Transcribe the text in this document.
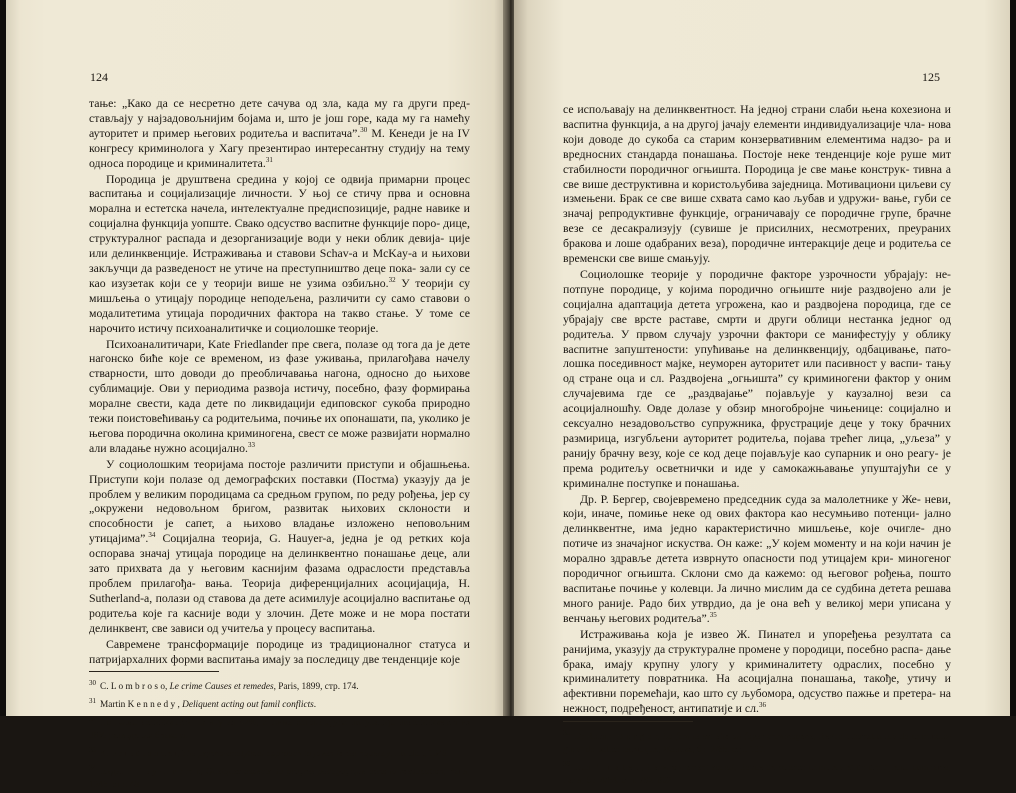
124

тање: „Како да се несретно дете сачува од зла, када му га други пред- стављају у најзадовољнијим бојама и, што је још горе, када му га намећу ауторитет и пример његових родитеља и васпитача”.$^{30}$ М. Кенеди је на IV конгресу криминолога у Хагу презентирао интересантну студију на тему односа породице и криминалитета.$^{31}$

Породица је друштвена средина у којој се одвија примарни процес васпитања и социјализације личности. У њој се стичу прва и основна морална и естетска начела, интелектуалне предиспозиције, радне навике и социјална функција уопште. Свако одсуство васпитне функције поро- дице, структуралног распада и дезорганизације води у неки облик девија- ције или делинквенције. Истраживања и ставови Schav-a и McKay-a и њихови закључци да разведеност не утиче на преступништво деце пока- зали су се као изузетак који се у теорији више не узима озбиљно.$^{32}$ У теорији су мишљења о утицају породице неподељена, различити су само ставови о модалитетима утицаја породичних фактора на такво стање. У томе се нарочито истичу психоаналитичке и социолошке теорије.

Психоаналитичари, Kate Friedlander пре свега, полазе од тога да је дете нагонско биће које се временом, из фазе уживања, прилагођава начелу стварности, што доводи до преобличавања нагона, односно до њихове сублимације. Ови у периодима развоја истичу, посебно, фазу формирања моралне свести, када дете по ликвидацији едиповског сукоба природно тежи поистовећивању са родитељима, почиње их опонашати, па, уколико је његова породична околина криминогена, свест се може развијати нормално али владање нужно асоцијално.$^{33}$

У социолошким теоријама постоје различити приступи и објашњења. Приступи који полазе од демографских поставки (Постма) указују да је проблем у великим породицама са средњом групом, по реду рођења, јер су „окружени недовољном бригом, развитак њихових склоности и способности је сапет, а њихово владање изложено неповољним утицајима”.$^{34}$ Социјална теорија, G. Hauyer-a, једна је од ретких која оспорава значај утицаја породице на делинквентно понашање деце, али зато прихвата да у његовим каснијим фазама одраслости представља проблем прилагођа- вања. Теорија диференцијалних асоцијација, H. Sutherland-a, полази од ставова да дете асимилује асоцијално васпитање од родитеља које га касније води у злочин. Дете може и не мора постати делинквент, све зависи од учитеља у процесу васпитања.

Савремене трансформације породице из традиционалног статуса и патријархалних форми васпитања имају за последицу две тенденције које

$^{30}$ C. L o m b r o s o, Le crime Causes et remedes, Paris, 1899, стр. 174.

$^{31}$ Martin K e n n e d y , Deliquent acting out famil conflicts.

$^{32}$ По њима делинквенти потичу из 42%, а њима одговарајућа популација неделинквента из 36% разведених бракова.

$^{33}$ K. F r i e d l a n d e r, The psycho-analytical approach to juvenile delinquency, London, 1949.

$^{34}$ Види: P. R e y -H e r m e, Quelques aspects du progres pedagogique dans la reeducation, Paris, 1945. стр. 48.

125

се испољавају на делинквентност. На једној страни слаби њена кохезиона и васпитна функција, а на другој јачају елементи индивидуализације чла- нова који доводе до сукоба са старим конзервативним елементима надзо- ра и вредносних стандарда понашања. Постоје неке тенденције које руше мит стабилности породичног огњишта. Породица је све мање конструк- тивна а све више деструктивна и користољубива заједница. Мотивациони циљеви су измењени. Брак се све више схвата само као љубав и удружи- вање, губи се значај репродуктивне функције, ограничавају се породичне групе, брачне везе се десакрализују (сувише је присилних, несмотрених, преураних бракова и лоше одабраних веза), породичне интеракције деце и родитеља се временски све више смањују.

Социолошке теорије у породичне факторе узрочности убрајају: не- потпуне породице, у којима породично огњиште није раздвојено али је социјална адаптација детета угрожена, као и раздвојена породица, где се убрајају све врсте раставе, смрти и други облици нестанка једног од родитеља. У првом случају узрочни фактори се манифестују у облику васпитне запуштености: упућивање на делинквенцију, одбацивање, пато- лошка поседивност мајке, неуморен ауторитет или пасивност у васпи- тању од стране оца и сл. Раздвојена „огњишта” су криминогени фактор у оним случајевима где се „раздвајање” појављује у каузалној вези са асоцијалношћу. Овде долазе у обзир многобројне чињенице: социјално и сексуално незадовољство супружника, фрустрације деце у току брачних размирица, изгубљени ауторитет родитеља, појава трећег лица, „уљеза” у ранију брачну везу, које се код деце појављује као супарник и оно реагу- је према родитељу осветнички и иде у самокажњавање упуштајући се у криминалне поступке и понашања.

Др. Р. Бергер, својевремено председник суда за малолетнике у Же- неви, који, иначе, помиње неке од ових фактора као несумњиво потенци- јално делинквентне, има једно карактеристично мишљење, које очигле- дно потиче из значајног искуства. Он каже: „У којем моменту и на који начин је морално здравље детета изврнуто опасности под утицајем кри- миногеног породичног огњишта. Склони смо да кажемо: од његовог рођења, пошто васпитање почиње у колевци. Ја лично мислим да се судбина детета решава много раније. Радо бих утврдио, да је она већ у великој мери уписана у венчању његових родитеља”.$^{35}$

Истраживања која је извео Ж. Пинател и упоређења резултата са ранијима, указују да структуралне промене у породици, посебно распа- дање брака, имају крупну улогу у криминалитету одраслих, посебно у криминалитету повратника. На асоцијална понашања, такође, утичу и афективни поремећаји, као што су љубомора, одсуство пажње и претера- на нежност, подређеност, антипатије и сл.$^{36}$

$^{35}$ Dr Roland B e r g e r, La famile est-elle un foyer criminogene, Revue internationale de criminolo- gie et de police technique, Женева, бр. 2/65. стр. 130.

$^{36}$ Jean P i n a t e l , L'environnement social, Revue de science criminele et de droit penal comparee, Paris, бр. 4/54. стр. 792–802.
